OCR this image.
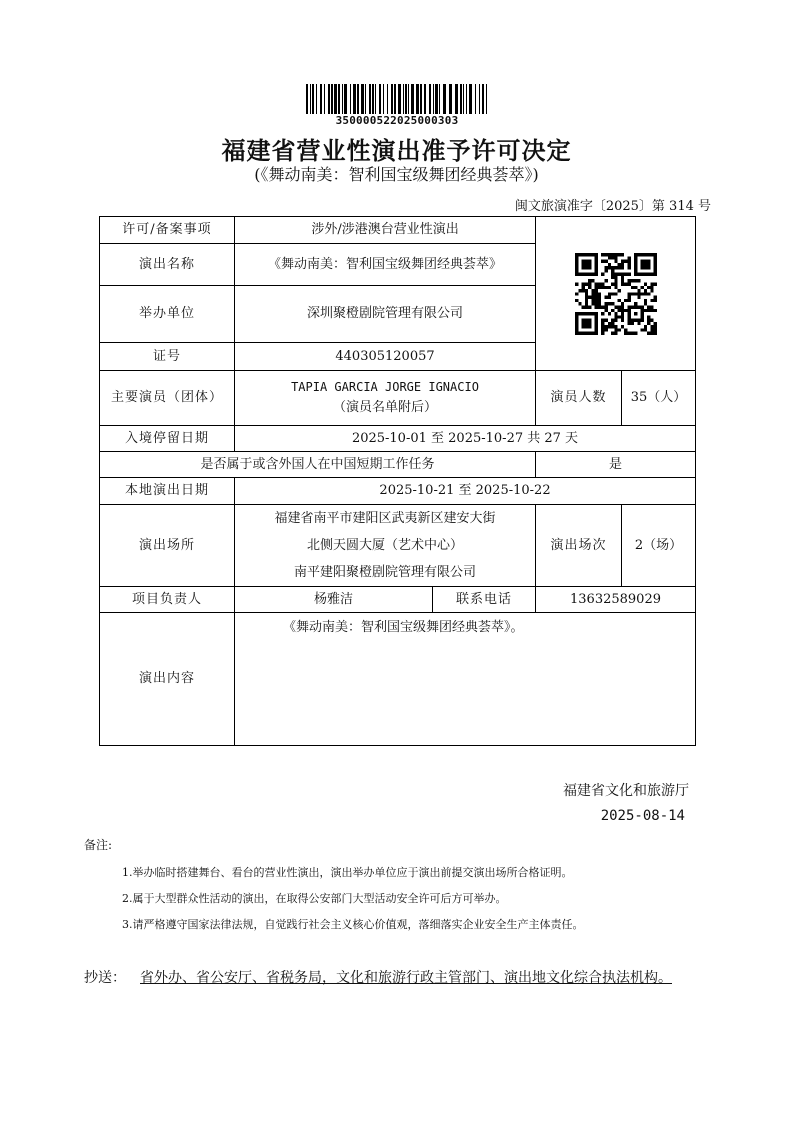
350000522025000303
福建省营业性演出准予许可决定
(《舞动南美：智利国宝级舞团经典荟萃》)
闽文旅演准字〔2025〕第 314 号
许可/备案事项	涉外/涉港澳台营业性演出	

演出名称	《舞动南美：智利国宝级舞团经典荟萃》			
举办单位	深圳聚橙剧院管理有限公司			
证号	440305120057			
主要演员（团体）	TAPIA GARCIA JORGE IGNACIO
（演员名单附后）		演员人数	35（人）
入境停留日期	2025-10-01 至 2025-10-27 共 27 天			
是否属于或含外国人在中国短期工作任务			是	
本地演出日期	2025-10-21 至 2025-10-22			
演出场所	福建省南平市建阳区武夷新区建安大街
北侧天圆大厦（艺术中心）
南平建阳聚橙剧院管理有限公司		演出场次	2（场）
项目负责人	杨雅洁	联系电话	13632589029	
演出内容	《舞动南美：智利国宝级舞团经典荟萃》。			
福建省文化和旅游厅
2025-08-14
备注:
1.举办临时搭建舞台、看台的营业性演出，演出举办单位应于演出前提交演出场所合格证明。
2.属于大型群众性活动的演出，在取得公安部门大型活动安全许可后方可举办。
3.请严格遵守国家法律法规，自觉践行社会主义核心价值观，落细落实企业安全生产主体责任。
抄送： 省外办、省公安厅、省税务局，文化和旅游行政主管部门、演出地文化综合执法机构。
